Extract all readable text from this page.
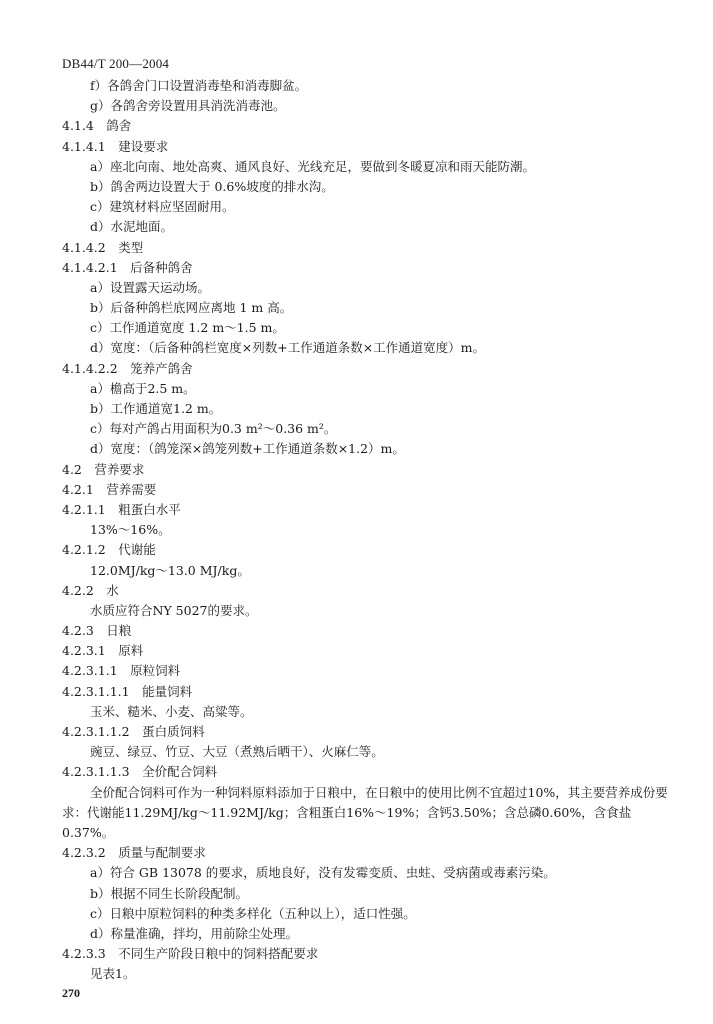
DB44/T 200—2004
f）各鸽舍门口设置消毒垫和消毒脚盆。
g）各鸽舍旁设置用具消洗消毒池。
4.1.4　鸽舍
4.1.4.1　建设要求
a）座北向南、地处高爽、通风良好、光线充足，要做到冬暖夏凉和雨天能防潮。
b）鸽舍两边设置大于 0.6%坡度的排水沟。
c）建筑材料应坚固耐用。
d）水泥地面。
4.1.4.2　类型
4.1.4.2.1　后备种鸽舍
a）设置露天运动场。
b）后备种鸽栏底网应离地 1 m 高。
c）工作通道宽度 1.2 m～1.5 m。
d）宽度：（后备种鸽栏宽度×列数+工作通道条数×工作通道宽度）m。
4.1.4.2.2　笼养产鸽舍
a）檐高于2.5 m。
b）工作通道宽1.2 m。
c）每对产鸽占用面积为0.3 m²～0.36 m²。
d）宽度：（鸽笼深×鸽笼列数+工作通道条数×1.2）m。
4.2　营养要求
4.2.1　营养需要
4.2.1.1　粗蛋白水平
13%～16%。
4.2.1.2　代谢能
12.0MJ/kg～13.0 MJ/kg。
4.2.2　水
水质应符合NY 5027的要求。
4.2.3　日粮
4.2.3.1　原料
4.2.3.1.1　原粒饲料
4.2.3.1.1.1　能量饲料
玉米、糙米、小麦、高粱等。
4.2.3.1.1.2　蛋白质饲料
豌豆、绿豆、竹豆、大豆（煮熟后晒干）、火麻仁等。
4.2.3.1.1.3　全价配合饲料
全价配合饲料可作为一种饲料原料添加于日粮中，在日粮中的使用比例不宜超过10%，其主要营养成份要求：代谢能11.29MJ/kg～11.92MJ/kg；含粗蛋白16%～19%；含钙3.50%；含总磷0.60%，含食盐0.37%。
4.2.3.2　质量与配制要求
a）符合 GB 13078 的要求，质地良好，没有发霉变质、虫蛀、受病菌或毒素污染。
b）根据不同生长阶段配制。
c）日粮中原粒饲料的种类多样化（五种以上），适口性强。
d）称量准确，拌均，用前除尘处理。
4.2.3.3　不同生产阶段日粮中的饲料搭配要求
见表1。
270
